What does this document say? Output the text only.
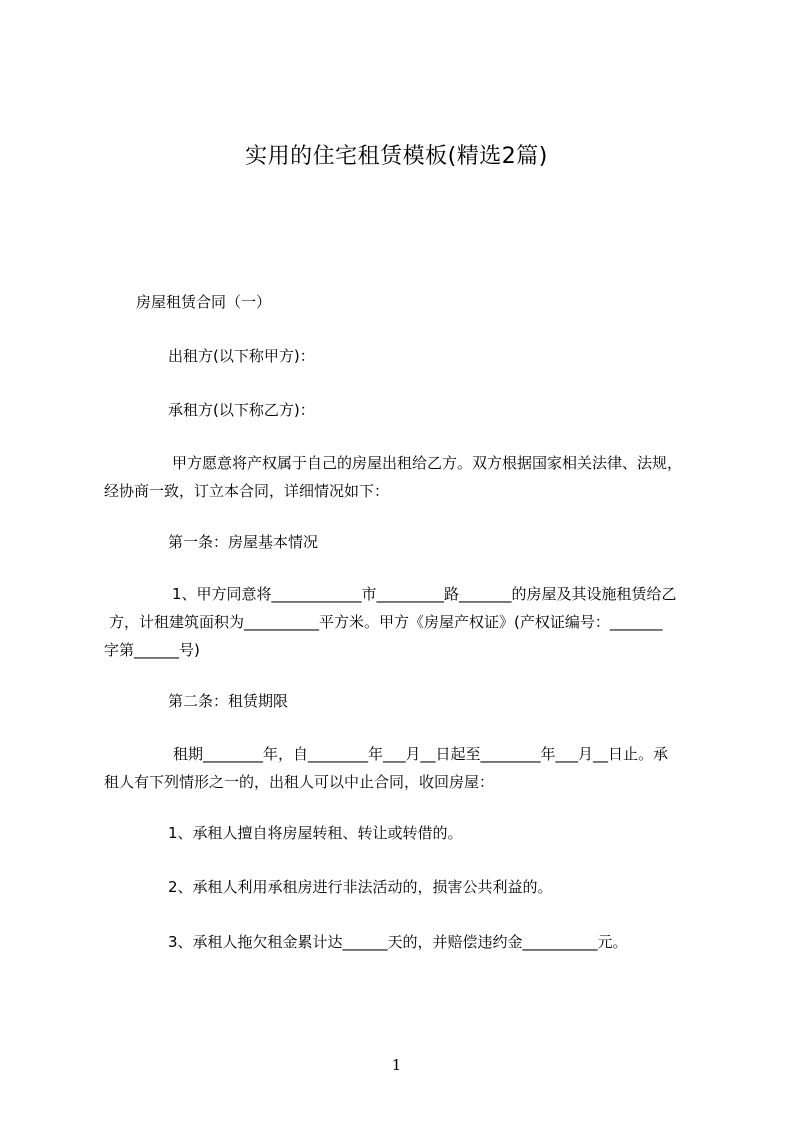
实用的住宅租赁模板(精选2篇)
房屋租赁合同（一）
出租方(以下称甲方)：
承租方(以下称乙方)：
甲方愿意将产权属于自己的房屋出租给乙方。双方根据国家相关法律、法规，
经协商一致，订立本合同，详细情况如下：
第一条：房屋基本情况
1、甲方同意将____________市_________路_______的房屋及其设施租赁给乙
方，计租建筑面积为__________平方米。甲方《房屋产权证》(产权证编号：_______
字第______号)
第二条：租赁期限
租期________年，自________年___月__日起至________年___月__日止。承
租人有下列情形之一的，出租人可以中止合同，收回房屋：
1、承租人擅自将房屋转租、转让或转借的。
2、承租人利用承租房进行非法活动的，损害公共利益的。
3、承租人拖欠租金累计达______天的，并赔偿违约金__________元。
1
